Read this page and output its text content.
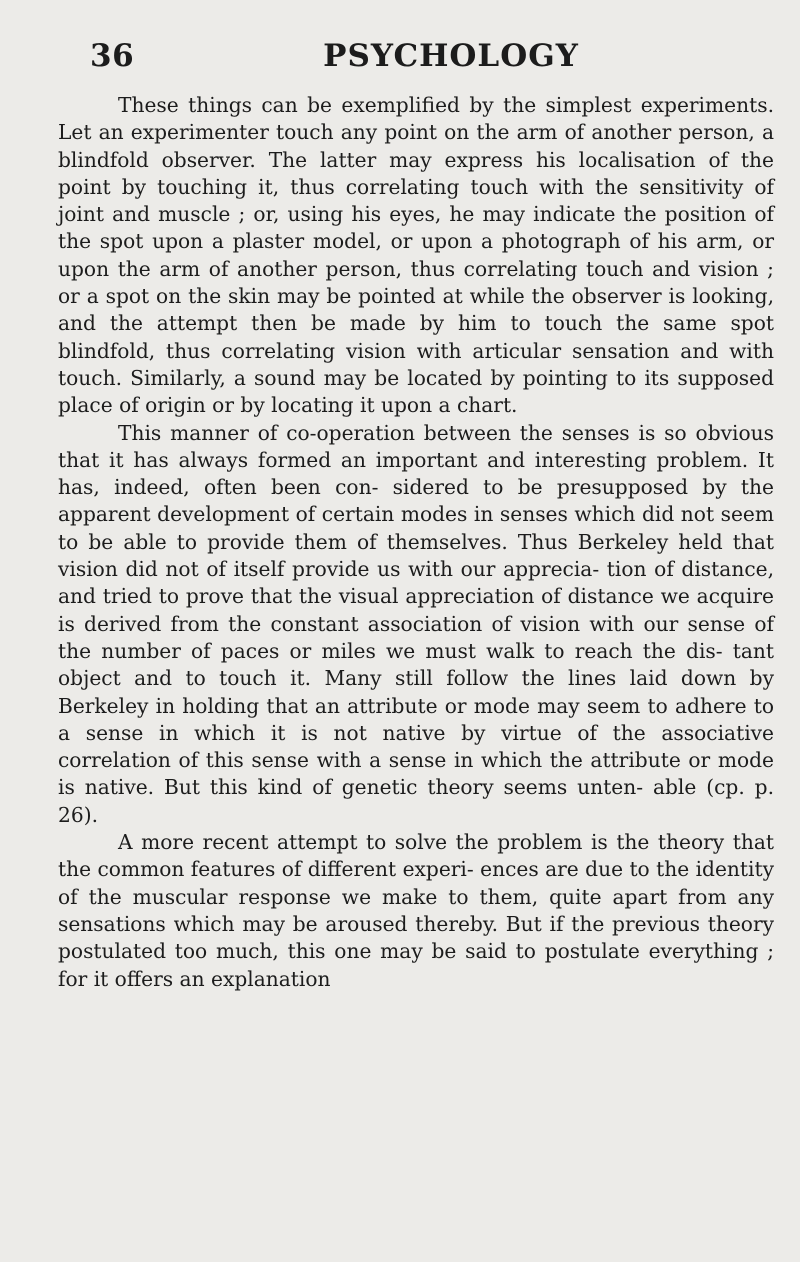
36	PSYCHOLOGY

These things can be exemplified by the simplest experiments. Let an experimenter touch any point on the arm of another person, a blindfold observer. The latter may express his localisation of the point by touching it, thus correlating touch with the sensitivity of joint and muscle ; or, using his eyes, he may indicate the position of the spot upon a plaster model, or upon a photograph of his arm, or upon the arm of another person, thus correlating touch and vision ; or a spot on the skin may be pointed at while the observer is looking, and the attempt then be made by him to touch the same spot blindfold, thus correlating vision with articular sensation and with touch. Similarly, a sound may be located by pointing to its supposed place of origin or by locating it upon a chart.

This manner of co-operation between the senses is so obvious that it has always formed an important and interesting problem. It has, indeed, often been con- sidered to be presupposed by the apparent development of certain modes in senses which did not seem to be able to provide them of themselves. Thus Berkeley held that vision did not of itself provide us with our apprecia- tion of distance, and tried to prove that the visual appreciation of distance we acquire is derived from the constant association of vision with our sense of the number of paces or miles we must walk to reach the dis- tant object and to touch it. Many still follow the lines laid down by Berkeley in holding that an attribute or mode may seem to adhere to a sense in which it is not native by virtue of the associative correlation of this sense with a sense in which the attribute or mode is native. But this kind of genetic theory seems unten- able (cp. p. 26).

A more recent attempt to solve the problem is the theory that the common features of different experi- ences are due to the identity of the muscular response we make to them, quite apart from any sensations which may be aroused thereby. But if the previous theory postulated too much, this one may be said to postulate everything ; for it offers an explanation
